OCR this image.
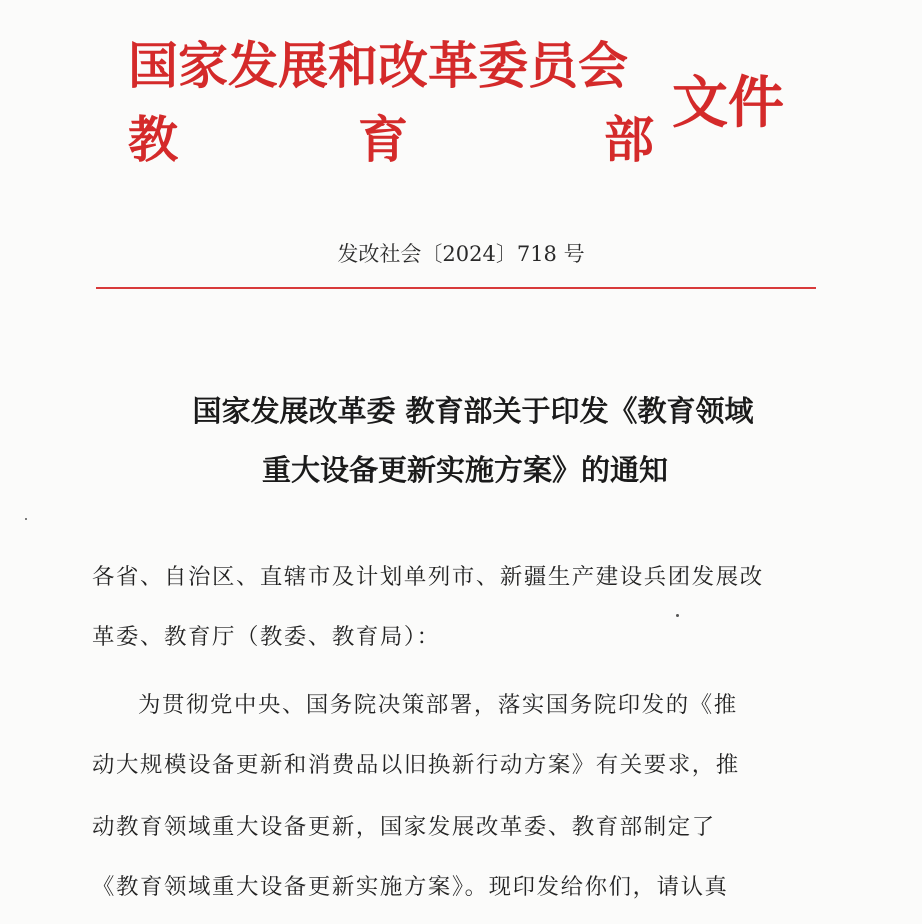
国家发展和改革委员会
教	育	部
文件
发改社会〔2024〕718 号
国家发展改革委 教育部关于印发《教育领域
重大设备更新实施方案》的通知
各省、自治区、直辖市及计划单列市、新疆生产建设兵团发展改
革委、教育厅（教委、教育局）：
为贯彻党中央、国务院决策部署，落实国务院印发的《推
动大规模设备更新和消费品以旧换新行动方案》有关要求，推
动教育领域重大设备更新，国家发展改革委、教育部制定了
《教育领域重大设备更新实施方案》。现印发给你们，请认真
